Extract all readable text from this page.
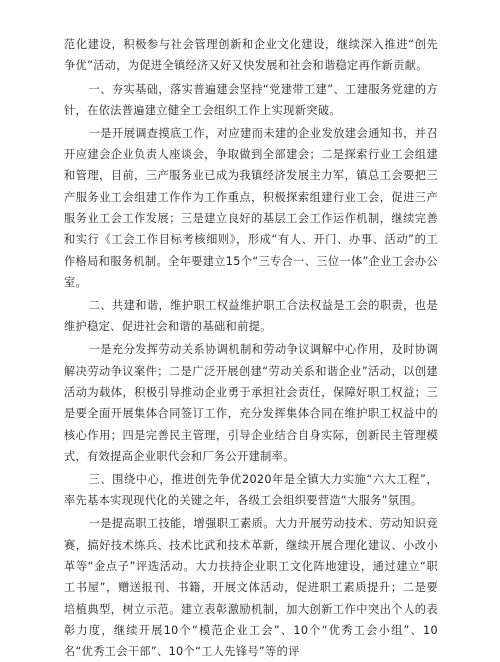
范化建设，积极参与社会管理创新和企业文化建设，继续深入推进“创先争优”活动，为促进全镇经济又好又快发展和社会和谐稳定再作新贡献。

一、夯实基础，落实普遍建会坚持“党建带工建”、工建服务党建的方针，在依法普遍建立健全工会组织工作上实现新突破。

一是开展调查摸底工作，对应建而未建的企业发放建会通知书，并召开应建会企业负责人座谈会，争取做到全部建会；二是探索行业工会组建和管理，目前，三产服务业已成为我镇经济发展主力军，镇总工会要把三产服务业工会组建工作作为工作重点，积极探索组建行业工会，促进三产服务业工会工作发展；三是建立良好的基层工会工作运作机制，继续完善和实行《工会工作目标考核细则》，形成“有人、开门、办事、活动”的工作格局和服务机制。全年要建立15个“三专合一、三位一体”企业工会办公室。

二、共建和谐，维护职工权益维护职工合法权益是工会的职责，也是维护稳定、促进社会和谐的基础和前提。

一是充分发挥劳动关系协调机制和劳动争议调解中心作用，及时协调解决劳动争议案件；二是广泛开展创建“劳动关系和谐企业”活动，以创建活动为载体，积极引导推动企业勇于承担社会责任，保障好职工权益；三是要全面开展集体合同签订工作，充分发挥集体合同在维护职工权益中的核心作用；四是完善民主管理，引导企业结合自身实际，创新民主管理模式，有效提高企业职代会和厂务公开建制率。

三、围绕中心，推进创先争优2020年是全镇大力实施“六大工程”，率先基本实现现代化的关键之年，各级工会组织要营造“大服务”氛围。

一是提高职工技能，增强职工素质。大力开展劳动技术、劳动知识竞赛，搞好技术练兵、技术比武和技术革新，继续开展合理化建议、小改小革等“金点子”评选活动。大力扶持企业职工文化阵地建设，通过建立“职工书屋”，赠送报刊、书籍，开展文体活动，促进职工素质提升；二是要培植典型，树立示范。建立表彰激励机制，加大创新工作中突出个人的表彰力度，继续开展10个“模范企业工会”、10个“优秀工会小组”、10名“优秀工会干部”、10个“工人先锋号”等的评
